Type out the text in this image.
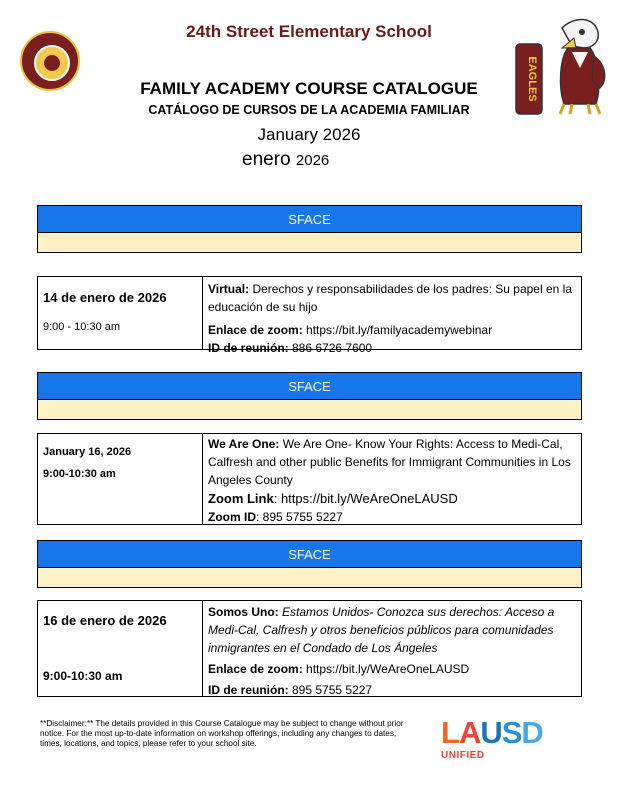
24th Street Elementary School
EAGLES
FAMILY ACADEMY COURSE CATALOGUE
CATÁLOGO DE CURSOS DE LA ACADEMIA FAMILIAR
January 2026
enero 2026
SFACE
14 de enero de 2026
9:00 - 10:30 am
Virtual: Derechos y responsabilidades de los padres: Su papel en la educación de su hijo
Enlace de zoom: https://bit.ly/familyacademywebinar
ID de reunión: 886 6726 7600
SFACE
January 16, 2026
9:00-10:30 am
We Are One: We Are One- Know Your Rights: Access to Medi-Cal, Calfresh and other public Benefits for Immigrant Communities in Los Angeles County
Zoom Link: https://bit.ly/WeAreOneLAUSD
Zoom ID: 895 5755 5227
SFACE
16 de enero de 2026
9:00-10:30 am
Somos Uno: Estamos Unidos- Conozca sus derechos: Acceso a Medi-Cal, Calfresh y otros beneficios públicos para comunidades inmigrantes en el Condado de Los Ángeles
Enlace de zoom: https://bit.ly/WeAreOneLAUSD
ID de reunión: 895 5755 5227
**Disclaimer:** The details provided in this Course Catalogue may be subject to change without prior notice. For the most up-to-date information on workshop offerings, including any changes to dates, times, locations, and topics, please refer to your school site.	LAUSD
UNIFIED
